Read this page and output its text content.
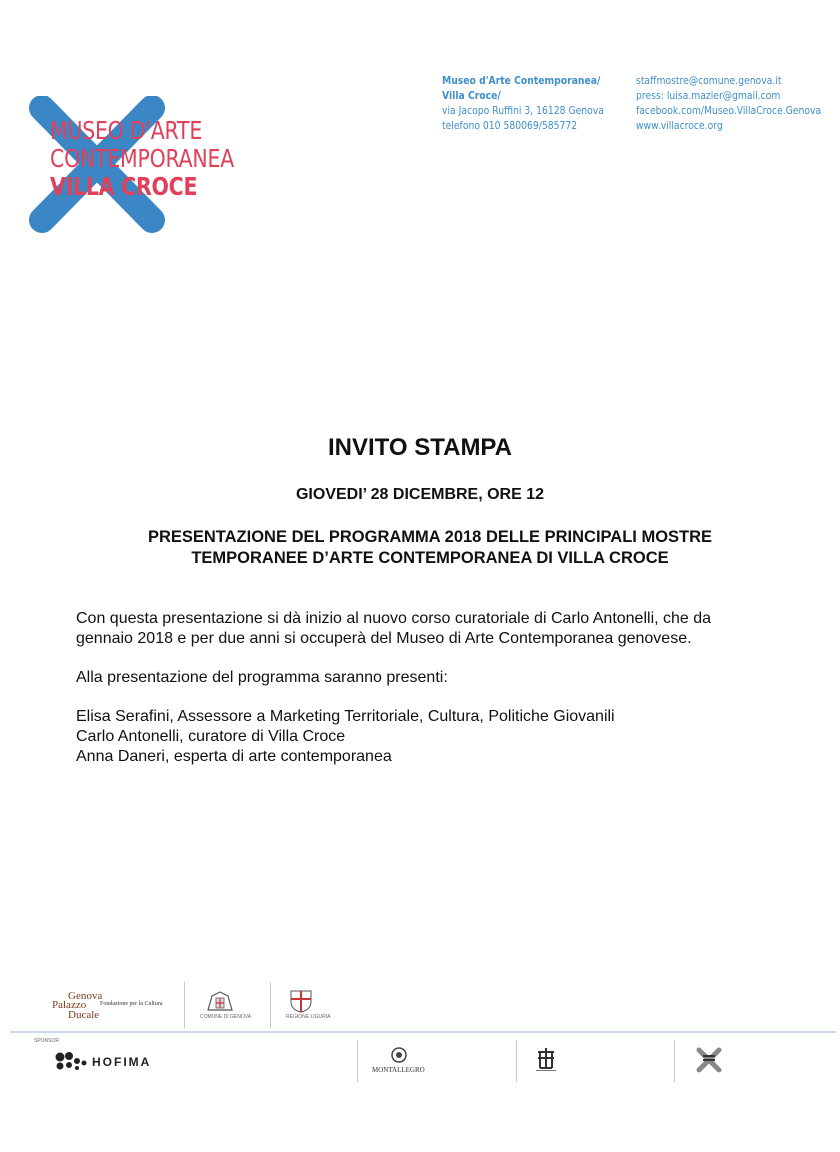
MUSEO D'ARTE
CONTEMPORANEA
VILLA CROCE
Museo d'Arte Contemporanea/
Villa Croce/
via Jacopo Ruffini 3, 16128 Genova
telefono 010 580069/585772
staffmostre@comune.genova.it
press: luisa.mazier@gmail.com
facebook.com/Museo.VillaCroce.Genova
www.villacroce.org
INVITO STAMPA
GIOVEDI’ 28 DICEMBRE, ORE 12
PRESENTAZIONE DEL PROGRAMMA 2018 DELLE PRINCIPALI MOSTRE
TEMPORANEE D’ARTE CONTEMPORANEA DI VILLA CROCE
Con questa presentazione si dà inizio al nuovo corso curatoriale di Carlo Antonelli, che da
gennaio 2018 e per due anni si occuperà del Museo di Arte Contemporanea genovese.
Alla presentazione del programma saranno presenti:
Elisa Serafini, Assessore a Marketing Territoriale, Cultura, Politiche Giovanili
Carlo Antonelli, curatore di Villa Croce
Anna Daneri, esperta di arte contemporanea
Genova
Palazzo
Ducale
Fondazione per la Cultura
COMUNE DI GENOVA	REGIONE LIGURIA
SPONSOR
HOFIMA
MONTALLEGRO
